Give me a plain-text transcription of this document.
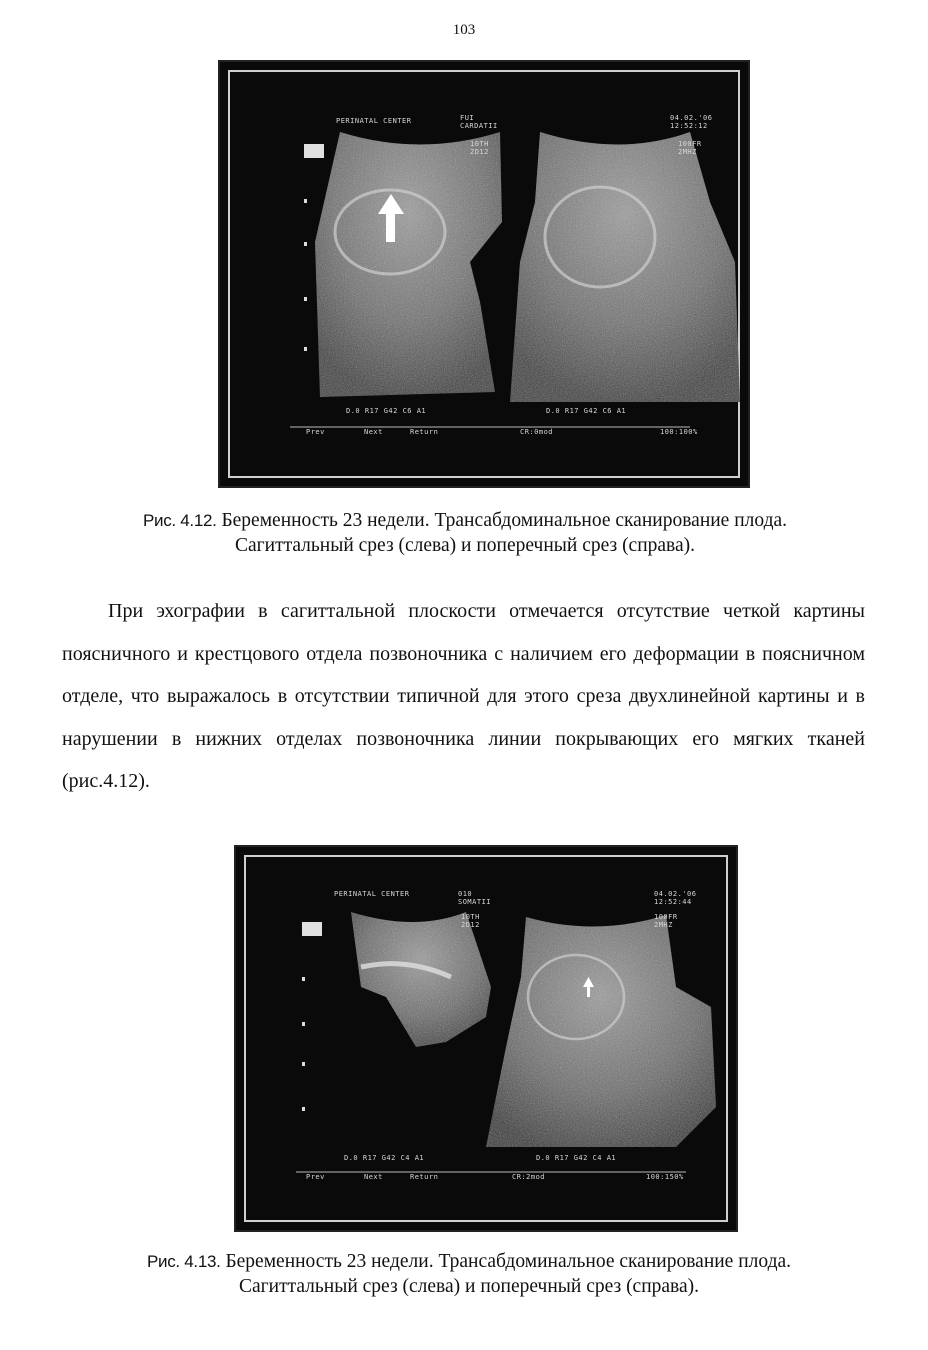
103
PERINATAL CENTER	FUI
CARDATII
10TH
2D12
04.02.'06
12:52:12
100FR
2MHZ
D.0 R17 G42 C6 A1	D.0 R17 G42 C6 A1
Prev	Next	Return	CR:0mod	100:100%
Рис. 4.12. Беременность 23 недели. Трансабдоминальное сканирование плода.
Сагиттальный срез (слева) и поперечный срез (справа).

При эхографии в сагиттальной плоскости отмечается отсутствие четкой картины поясничного и крестцового отдела позвоночника с наличием его деформации в поясничном отделе, что выражалось в отсутствии типичной для этого среза двухлинейной картины и в нарушении в нижних отделах позвоночника линии покрывающих его мягких тканей (рис.4.12).

PERINATAL CENTER	010
SOMATII
10TH
2D12
04.02.'06
12:52:44
100FR
2MHZ
D.0 R17 G42 C4 A1	D.0 R17 G42 C4 A1
Prev	Next	Return	CR:2mod	100:150%
Рис. 4.13. Беременность 23 недели. Трансабдоминальное сканирование плода.
Сагиттальный срез (слева) и поперечный срез (справа).
